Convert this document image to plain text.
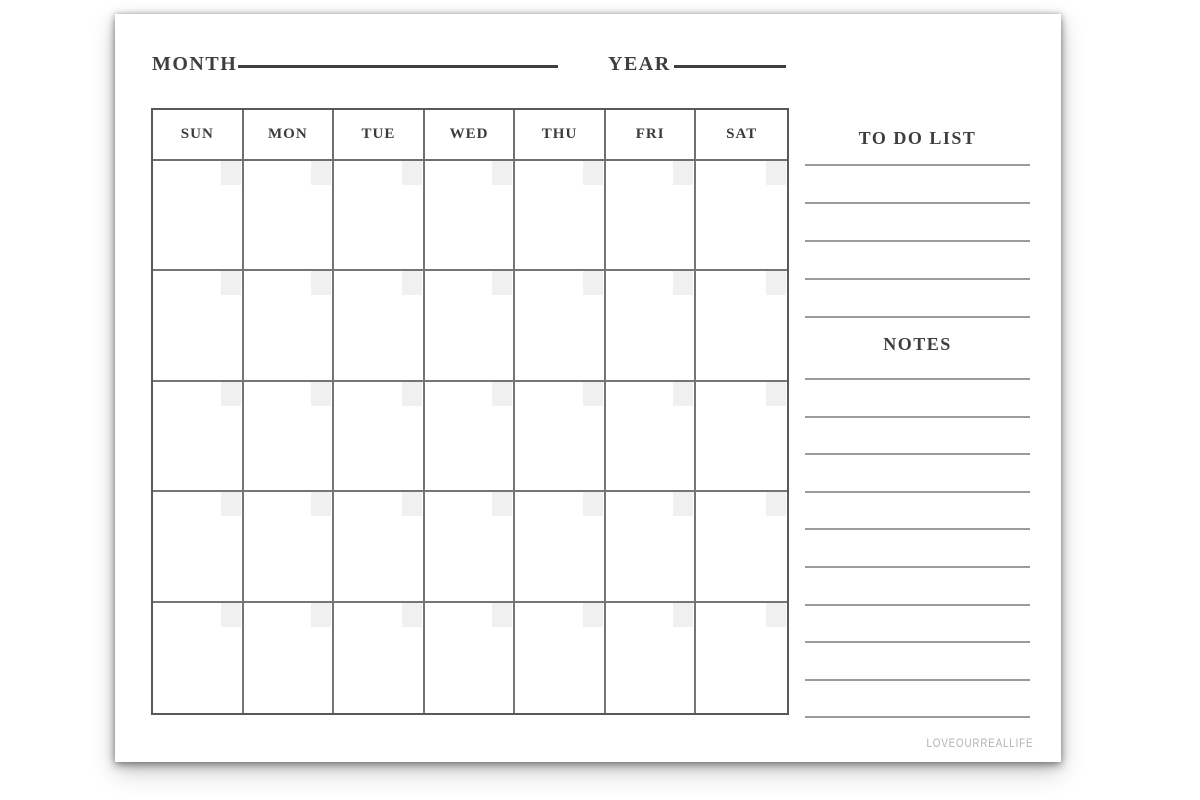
MONTH	YEAR
SUN	MON	TUE	WED	THU	FRI	SAT	TO DO LIST
NOTES
LOVEOURREALLIFE
